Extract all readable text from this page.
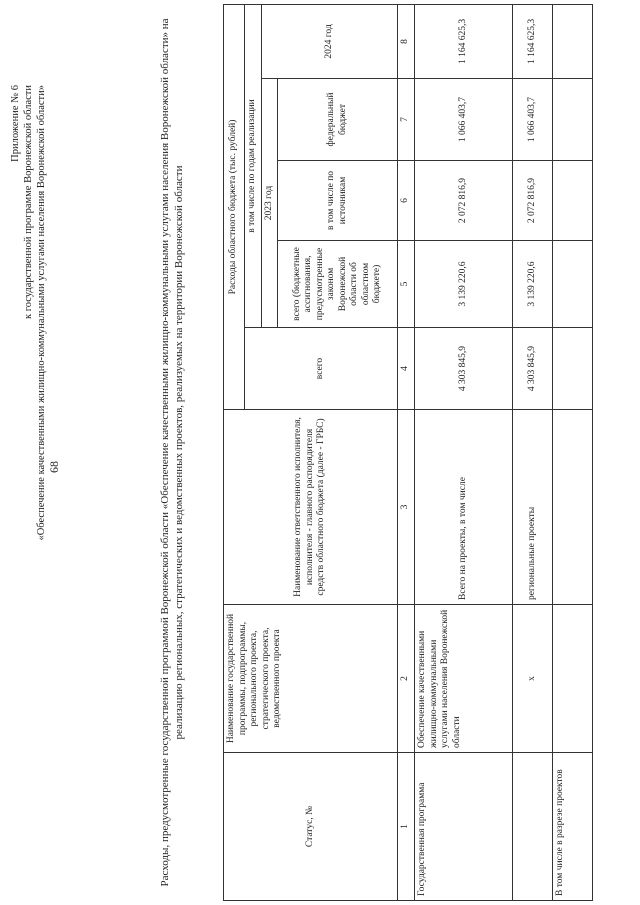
68
Приложение № 6 к государственной программе Воронежской области «Обеспечение качественными жилищно-коммунальными услугами населения Воронежской области»	Расходы, предусмотренные государственной программой Воронежской области «Обеспечение качественными жилищно-коммунальными услугами населения Воронежской области» на реализацию региональных, стратегических и ведомственных проектов, реализуемых на территории Воронежской области
Статус, №	Наименование государственной программы, подпрограммы, регионального проекта, стратегического проекта, ведомственного проекта	Наименование ответственного исполнителя, исполнителя - главного распорядителя средств областного бюджета (далее - ГРБС)	Расходы областного бюджета (тыс. рублей)					
			всего	в том числе по годам реализации				
				2023 год			2024 год	
				всего (бюджетные ассигнования, предусмотренные законом Воронежской области об областном бюджете)	в том числе по источникам	федеральный бюджет	
1	2	3	4	5	6	7	8	
Государственная программа	Обеспечение качественными жилищно-коммунальными услугами населения Воронежской области	Всего на проекты, в том числе	4 303 845,9	3 139 220,6	2 072 816,9	1 066 403,7	1 164 625,3	
	х	региональные проекты	4 303 845,9	3 139 220,6	2 072 816,9	1 066 403,7	1 164 625,3	
В том числе в разрезе проектов								
